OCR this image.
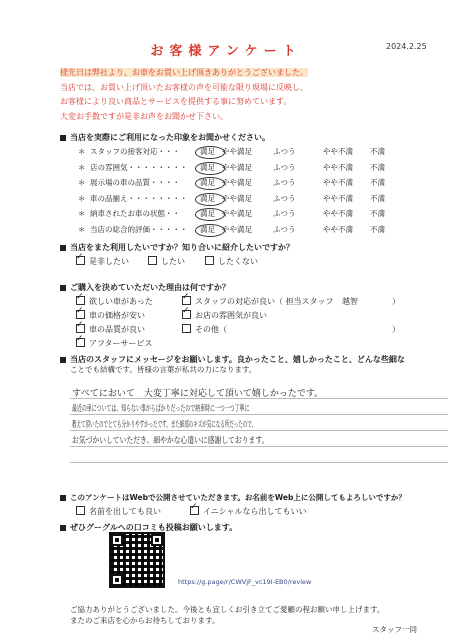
2024.2.25
お客様アンケート
様先日は弊社より、お車をお買い上げ頂きありがとうございました。
当店では、お買い上げ頂いたお客様の声を可能な限り現場に反映し、
お客様により良い商品とサービスを提供する事に努めています。
大変お手数ですが是非お声をお聞かせ下さい。
当店を実際にご利用になった印象をお聞かせください。
＊ スタッフの接客対応・・・	満足 やや満足	ふつう	やや不満 不満
＊ 店の雰囲気・・・・・・・・ 満足 やや満足	ふつう	やや不満 不満
＊ 展示場の車の品質・・・・	満足 やや満足	ふつう	やや不満 不満
＊ 車の品揃え・・・・・・・・ 満足 やや満足	ふつう	やや不満 不満
＊ 納車されたお車の状態・・	満足 やや満足	ふつう	やや不満 不満
＊ 当店の総合的評価・・・・・ 満足 やや満足	ふつう	やや不満 不満
当店をまた利用したいですか？知り合いに紹介したいですか？
✓是非したい	したい	したくない
ご購入を決めていただいた理由は何ですか？
✓欲しい車があった ✓	スタッフの対応が良い（ 担当スタッフ 越智	）
✓車の価格が安い ✓	お店の雰囲気が良い
✓車の品質が良い	その他（	）
✓アフターサービス
当店のスタッフにメッセージをお願いします。良かったこと、嬉しかったこと、どんな些細な
ことでも結構です。皆様の言葉が私共の力になります。
すべてにおいて　大変丁寧に対応して頂いて嬉しかったです。
最近の車については、知らない事がらばかりだったので納車時に一つ一つ丁寧に
教えて頂いたのでとても分かりやすかったです。また細部のキズが気になる所だったので、
お気づかいしていただき、細やかな心遣いに感謝しております。
このアンケートはWebで公開させていただきます。お名前をWeb上に公開してもよろしいですか？
名前を出しても良い ✓	イニシャルなら出してもいい
ぜひグーグルへの口コミも投稿お願いします。
https://g.page/r/CWVjF_vc19I-EB0/review
ご協力ありがとうございました。今後とも宜しくお引き立てご愛顧の程お願い申し上げます。
またのご来店を心からお待ちしております。
スタッフ一同
